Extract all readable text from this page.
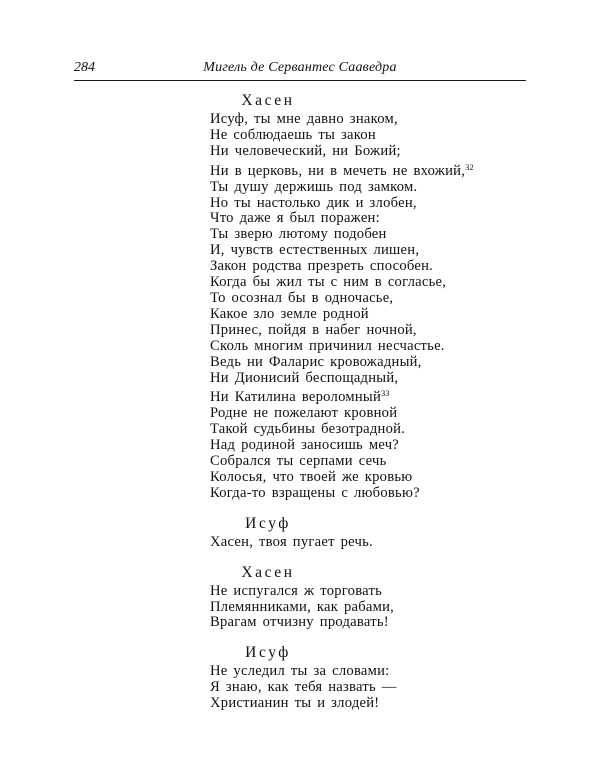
284	Мигель де Сервантес Сааведра
Хасен
Исуф, ты мне давно знаком,
Не соблюдаешь ты закон
Ни человеческий, ни Божий;
Ни в церковь, ни в мечеть не вхожий,$^{32}$
Ты душу держишь под замком.
Но ты настолько дик и злобен,
Что даже я был поражен:
Ты зверю лютому подобен
И, чувств естественных лишен,
Закон родства презреть способен.
Когда бы жил ты с ним в согласье,
То осознал бы в одночасье,
Какое зло земле родной
Принес, пойдя в набег ночной,
Сколь многим причинил несчастье.
Ведь ни Фаларис кровожадный,
Ни Дионисий беспощадный,
Ни Катилина вероломный$^{33}$
Родне не пожелают кровной
Такой судьбины безотрадной.
Над родиной заносишь меч?
Собрался ты серпами сечь
Колосья, что твоей же кровью
Когда-то взращены с любовью?
Исуф
Хасен, твоя пугает речь.
Хасен
Не испугался ж торговать
Племянниками, как рабами,
Врагам отчизну продавать!
Исуф
Не уследил ты за словами:
Я знаю, как тебя назвать —
Христианин ты и злодей!
